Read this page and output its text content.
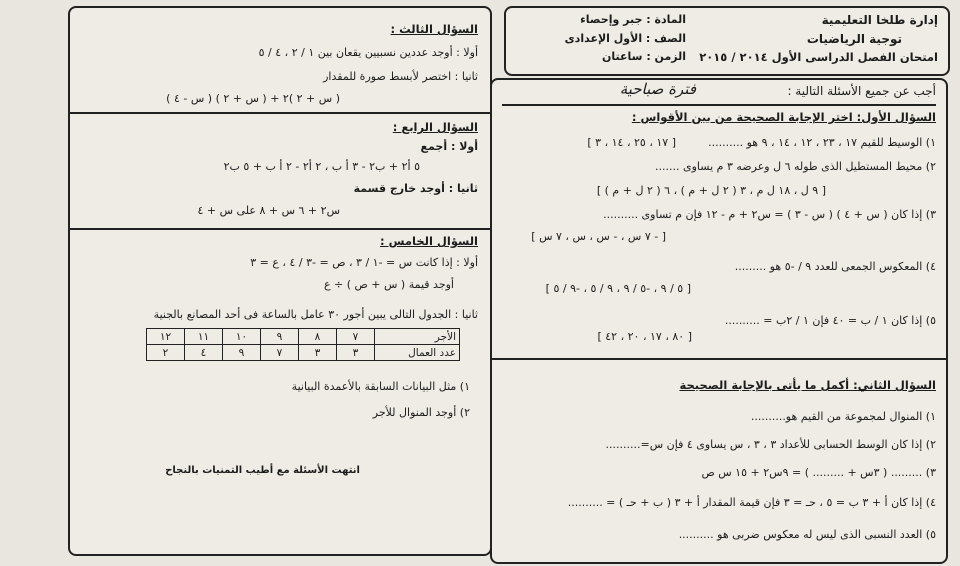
إدارة طلخا التعليمية
توجية الرياضيات
امتحان الفصل الدراسى الأول ٢٠١٤ / ٢٠١٥
المادة : جبر وإحصاء
الصف : الأول الإعدادى
الزمن : ساعتان
أجب عن جميع الأسئلة التالية :
فترة صباحية
السؤال الأول: اختر الإجابة الصحيحة من بين الأقواس :
١) الوسيط للقيم ١٧ ، ٢٣ ، ١٢ ، ١٤ ، ٩ هو ..........
[ ١٧ ، ٢٥ ، ١٤ ، ٣ ]
٢) محيط المستطيل الذى طوله ٦ ل وعرضه ٣ م يساوى .......
[ ٩ ل ، ١٨ ل م ، ٣ ( ٢ ل + م ) ، ٦ ( ٢ ل + م ) ]
٣) إذا كان ( س + ٤ ) ( س - ٣ ) = س٢ + م - ١٢ فإن م تساوى ..........
[ - ٧ س ، - س ، س ، ٧ س ]
٤) المعكوس الجمعى للعدد ٩ / -٥ هو .........
[ ٥ / ٩ ، -٥ / ٩ ، ٩ / ٥ ، -٩ / ٥ ]
٥) إذا كان ١ / ب = ٤٠ فإن ١ / ٢ب = ..........
[ ٨٠ ، ١٧ ، ٢٠ ، ٤٢ ]
السؤال الثاني: أكمل ما يأتى بالإجابة الصحيحة
١) المنوال لمجموعة من القيم هو..........
٢) إذا كان الوسط الحسابى للأعداد ٣ ، ٣ ، س يساوى ٤ فإن س=..........
٣) ......... ( ٣س + ......... ) = ٩س٢ + ١٥ س ص
٤) إذا كان أ + ٣ ب = ٥ ، حـ = ٣ فإن قيمة المقدار أ + ٣ ( ب + حـ ) = ..........
٥) العدد النسبى الذى ليس له معكوس ضربى هو ..........
السؤال الثالث :
أولا : أوجد عددين نسبيين يقعان بين ١ / ٢ ، ٤ / ٥
ثانيا : اختصر لأبسط صورة للمقدار
( س + ٢ )٢ + ( س + ٢ ) ( س - ٤ )
السؤال الرابع :
أولا : أجمع
٥ أ٢ + ب٢ - ٣ أ ب ، ٢ أ٢ - ٢ أ ب + ٥ ب٢
ثانيا : أوجد خارج قسمة
س٢ + ٦ س + ٨ على س + ٤
السؤال الخامس :
أولا : إذا كانت س = -١ / ٣ ، ص = -٣ / ٤ ، ع = ٣
أوجد قيمة ( س + ص ) ÷ ع
ثانيا : الجدول التالى يبين أجور ٣٠ عامل بالساعة فى أحد المصانع بالجنية
الأجر	٧	٨	٩	١٠	١١	١٢
عدد العمال	٣	٣	٧	٩	٤	٢
١) مثل البيانات السابقة بالأعمدة البيانية
٢) أوجد المنوال للأجر
انتهت الأسئلة مع أطيب التمنيات بالنجاح
